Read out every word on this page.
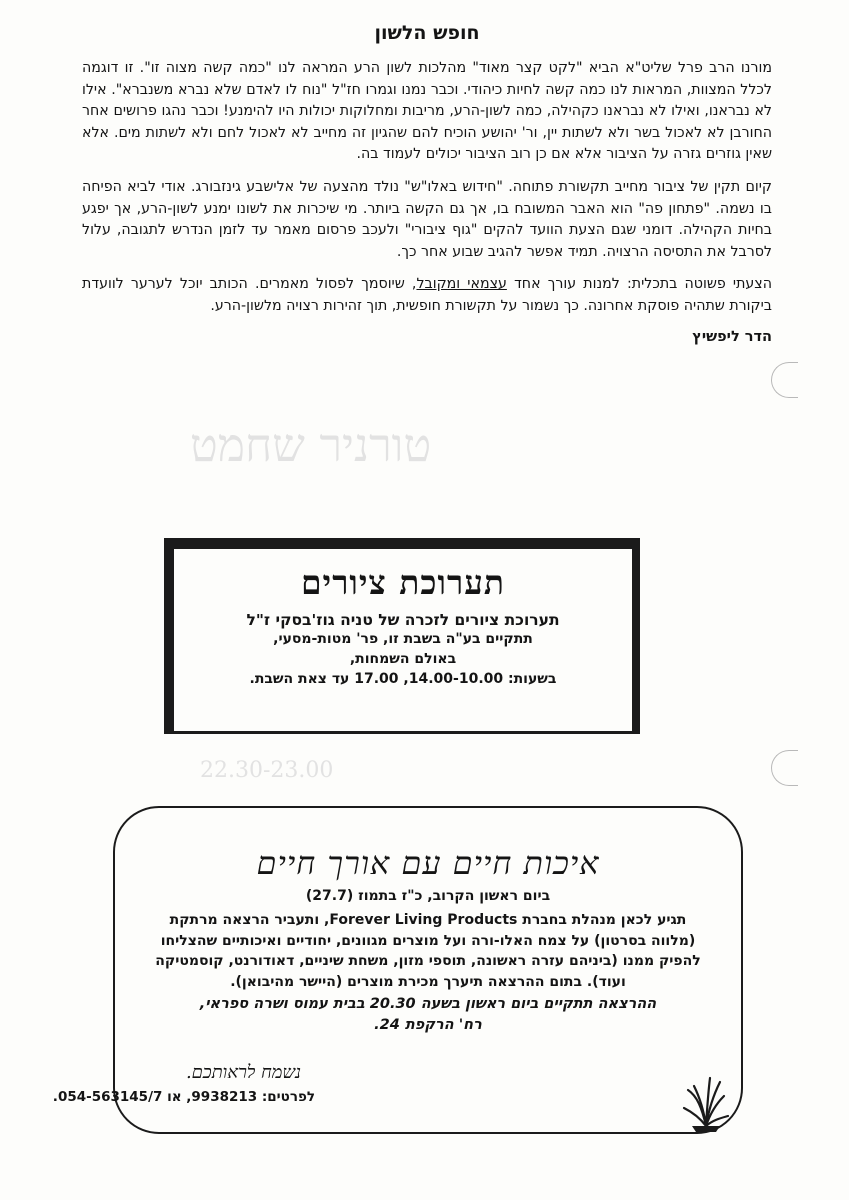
טורניר שחמט
22.30-23.00
חופש הלשון

מורנו הרב פרל שליט"א הביא "לקט קצר מאוד" מהלכות לשון הרע המראה לנו "כמה קשה מצוה זו". זו דוגמה לכלל המצוות, המראות לנו כמה קשה לחיות כיהודי. וכבר נמנו וגמרו חז"ל "נוח לו לאדם שלא נברא משנברא". אילו לא נבראנו, ואילו לא נבראנו כקהילה, כמה לשון-הרע, מריבות ומחלוקות יכולות היו להימנע! וכבר נהגו פרושים אחר החורבן לא לאכול בשר ולא לשתות יין, ור' יהושע הוכיח להם שהגיון זה מחייב לא לאכול לחם ולא לשתות מים. אלא שאין גוזרים גזרה על הציבור אלא אם כן רוב הציבור יכולים לעמוד בה.

קיום תקין של ציבור מחייב תקשורת פתוחה. "חידוש באלו"ש" נולד מהצעה של אלישבע גינזבורג. אודי לביא הפיחה בו נשמה. "פתחון פה" הוא האבר המשובח בו, אך גם הקשה ביותר. מי שיכרות את לשונו ימנע לשון-הרע, אך יפגע בחיות הקהילה. דומני שגם הצעת הוועד להקים "גוף ציבורי" ולעכב פרסום מאמר עד לזמן הנדרש לתגובה, עלול לסרבל את התסיסה הרצויה. תמיד אפשר להגיב שבוע אחר כך.

הצעתי פשוטה בתכלית: למנות עורך אחד עצמאי ומקובל, שיוסמך לפסול מאמרים. הכותב יוכל לערער לוועדת ביקורת שתהיה פוסקת אחרונה. כך נשמור על תקשורת חופשית, תוך זהירות רצויה מלשון-הרע.

הדר ליפשיץ
תערוכת ציורים
תערוכת ציורים לזכרה של טניה גוז'בסקי ז"ל
תתקיים בע"ה בשבת זו, פר' מטות-מסעי,
באולם השמחות,
בשעות: 14.00-10.00, 17.00 עד צאת השבת.
איכות חיים עם אורך חיים
ביום ראשון הקרוב, כ"ז בתמוז (27.7)
תגיע לכאן מנהלת בחברת Forever Living Products, ותעביר הרצאה מרתקת (מלווה בסרטון) על צמח האלו-ורה ועל מוצרים מגוונים, יחודיים ואיכותיים שהצליחו להפיק ממנו (ביניהם עזרה ראשונה, תוספי מזון, משחת שיניים, דאודורנט, קוסמטיקה ועוד). בתום ההרצאה תיערך מכירת מוצרים (היישר מהיבואן).
ההרצאה תתקיים ביום ראשון בשעה 20.30 בבית עמוס ושרה ספראי,
רח' הרקפת 24.
נשמח לראותכם.
לפרטים: 9938213, או 054-563145/7.
